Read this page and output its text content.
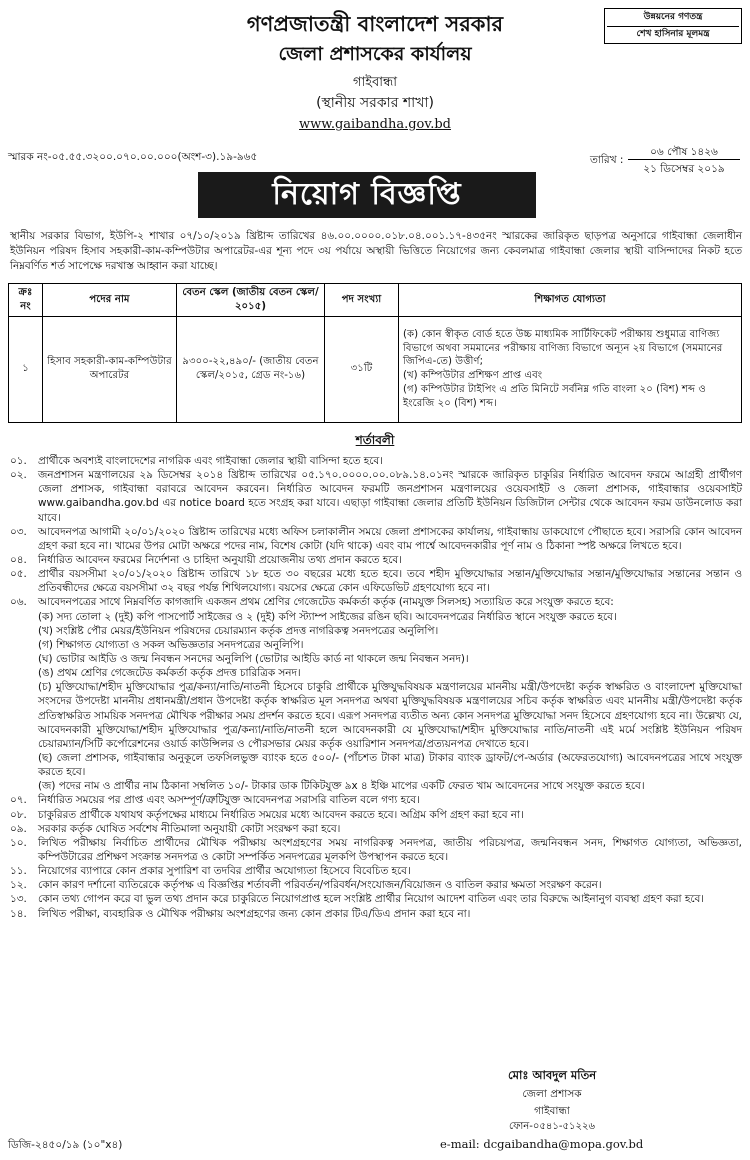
উন্নয়নের গণতন্ত্র
শেখ হাসিনার মূলমন্ত্র
গণপ্রজাতন্ত্রী বাংলাদেশ সরকার
জেলা প্রশাসকের কার্যালয়
গাইবান্ধা
(স্থানীয় সরকার শাখা)
www.gaibandha.gov.bd
স্মারক নং-০৫.৫৫.৩২০০.০৭০.০০.০০০(অংশ-৩).১৯-৯৬৫	০৬ পৌষ ১৪২৬
তারিখ :
২১ ডিসেম্বর ২০১৯
নিয়োগ বিজ্ঞপ্তি
স্থানীয় সরকার বিভাগ, ইউপি-২ শাখার ০৭/১০/২০১৯ খ্রিষ্টাব্দ তারিখের ৪৬.০০.০০০০.০১৮.০৪.০০১.১৭-৪৩৫নং স্মারকের জারিকৃত ছাড়পত্র অনুসারে গাইবান্ধা জেলাধীন ইউনিয়ন পরিষদ হিসাব সহকারী-কাম-কম্পিউটার অপারেটর-এর শূন্য পদে ৩য় পর্যায়ে অস্থায়ী ভিত্তিতে নিয়োগের জন্য কেবলমাত্র গাইবান্ধা জেলার স্থায়ী বাসিন্দাদের নিকট হতে নিম্নবর্ণিত শর্ত সাপেক্ষে দরখাস্ত আহ্বান করা যাচ্ছে।
ক্রঃ নং	পদের নাম	বেতন স্কেল (জাতীয় বেতন স্কেল/২০১৫)	পদ সংখ্যা	শিক্ষাগত যোগ্যতা
১	হিসাব সহকারী-কাম-কম্পিউটার অপারেটর	৯৩০০-২২,৪৯০/- (জাতীয় বেতন স্কেল/২০১৫, গ্রেড নং-১৬)	৩১টি	(ক) কোন স্বীকৃত বোর্ড হতে উচ্চ মাধ্যমিক সার্টিফিকেট পরীক্ষায় শুধুমাত্র বাণিজ্য বিভাগে অথবা সমমানের পরীক্ষায় বাণিজ্য বিভাগে অন্যূন ২য় বিভাগে (সমমানের জিপিএ-তে) উত্তীর্ণ;
(খ) কম্পিউটার প্রশিক্ষণ প্রাপ্ত এবং
(গ) কম্পিউটার টাইপিং এ প্রতি মিনিটে সর্বনিম্ন গতি বাংলা ২০ (বিশ) শব্দ ও ইংরেজি ২০ (বিশ) শব্দ।
শর্তাবলী
০১.	প্রার্থীকে অবশ্যই বাংলাদেশের নাগরিক এবং গাইবান্ধা জেলার স্থায়ী বাসিন্দা হতে হবে।
০২.	জনপ্রশাসন মন্ত্রণালয়ের ২৯ ডিসেম্বর ২০১৪ খ্রিষ্টাব্দ তারিখের ০৫.১৭০.০০০০.০০.০৮৯.১৪.০১নং স্মারকে জারিকৃত চাকুরির নির্ধারিত আবেদন ফরমে আগ্রহী প্রার্থীগণ জেলা প্রশাসক, গাইবান্ধা বরাবরে আবেদন করবেন। নির্ধারিত আবেদন ফরমটি জনপ্রশাসন মন্ত্রণালয়ের ওয়েবসাইট ও জেলা প্রশাসক, গাইবান্ধার ওয়েবসাইট www.gaibandha.gov.bd এর notice board হতে সংগ্রহ করা যাবে। এছাড়া গাইবান্ধা জেলার প্রতিটি ইউনিয়ন ডিজিটাল সেন্টার থেকে আবেদন ফরম ডাউনলোড করা যাবে।
০৩.	আবেদনপত্র আগামী ২০/০১/২০২০ খ্রিষ্টাব্দ তারিখের মধ্যে অফিস চলাকালীন সময়ে জেলা প্রশাসকের কার্যালয়, গাইবান্ধায় ডাকযোগে পৌছাতে হবে। সরাসরি কোন আবেদন গ্রহণ করা হবে না। খামের উপর মোটা অক্ষরে পদের নাম, বিশেষ কোটা (যদি থাকে) এবং বাম পার্শ্বে আবেদনকারীর পূর্ণ নাম ও ঠিকানা স্পষ্ট অক্ষরে লিখতে হবে।
০৪.	নির্ধারিত আবেদন ফরমের নির্দেশনা ও চাহিদা অনুযায়ী প্রয়োজনীয় তথ্য প্রদান করতে হবে।
০৫.	প্রার্থীর বয়সসীমা ২০/০১/২০২০ খ্রিষ্টাব্দ তারিখে ১৮ হতে ৩০ বছরের মধ্যে হতে হবে। তবে শহীদ মুক্তিযোদ্ধার সন্তান/মুক্তিযোদ্ধার সন্তান/মুক্তিযোদ্ধার সন্তানের সন্তান ও প্রতিবন্ধীদের ক্ষেত্রে বয়সসীমা ৩২ বছর পর্যন্ত শিথিলযোগ্য। বয়সের ক্ষেত্রে কোন এফিডেভিট গ্রহণযোগ্য হবে না।
০৬.	আবেদনপত্রের সাথে নিম্নবর্ণিত কাগজাদি একজন প্রথম শ্রেণির গেজেটেড কর্মকর্তা কর্তৃক (নামযুক্ত সিলসহ) সত্যায়িত করে সংযুক্ত করতে হবে:
(ক) সদ্য তোলা ২ (দুই) কপি পাসপোর্ট সাইজের ও ২ (দুই) কপি স্ট্যাম্প সাইজের রঙিন ছবি। আবেদনপত্রের নির্ধারিত স্থানে সংযুক্ত করতে হবে।
(খ) সংশ্লিষ্ট পৌর মেয়র/ইউনিয়ন পরিষদের চেয়ারম্যান কর্তৃক প্রদত্ত নাগরিকত্ব সনদপত্রের অনুলিপি।
(গ) শিক্ষাগত যোগ্যতা ও সকল অভিজ্ঞতার সনদপত্রের অনুলিপি।
(ঘ) ভোটার আইডি ও জন্ম নিবন্ধন সনদের অনুলিপি (ভোটার আইডি কার্ড না থাকলে জন্ম নিবন্ধন সনদ)।
(ঙ) প্রথম শ্রেণির গেজেটেড কর্মকর্তা কর্তৃক প্রদত্ত চারিত্রিক সনদ।
(চ) মুক্তিযোদ্ধা/শহীদ মুক্তিযোদ্ধার পুত্র/কন্যা/নাতি/নাতনী হিসেবে চাকুরি প্রার্থীকে মুক্তিযুদ্ধবিষয়ক মন্ত্রণালয়ের মাননীয় মন্ত্রী/উপদেষ্টা কর্তৃক স্বাক্ষরিত ও বাংলাদেশ মুক্তিযোদ্ধা সংসদের উপদেষ্টা মাননীয় প্রধানমন্ত্রী/প্রধান উপদেষ্টা কর্তৃক স্বাক্ষরিত মূল সনদপত্র অথবা মুক্তিযুদ্ধবিষয়ক মন্ত্রণালয়ের সচিব কর্তৃক স্বাক্ষরিত এবং মাননীয় মন্ত্রী/উপদেষ্টা কর্তৃক প্রতিস্বাক্ষরিত সাময়িক সনদপত্র মৌখিক পরীক্ষার সময় প্রদর্শন করতে হবে। এরূপ সনদপত্র ব্যতীত অন্য কোন সনদপত্র মুক্তিযোদ্ধা সনদ হিসেবে গ্রহণযোগ্য হবে না। উল্লেখ্য যে, আবেদনকারী মুক্তিযোদ্ধা/শহীদ মুক্তিযোদ্ধার পুত্র/কন্যা/নাতি/নাতনী হলে আবেদনকারী যে মুক্তিযোদ্ধা/শহীদ মুক্তিযোদ্ধার নাতি/নাতনী এই মর্মে সংশ্লিষ্ট ইউনিয়ন পরিষদ চেয়ারম্যান/সিটি কর্পোরেশনের ওয়ার্ড কাউন্সিলর ও পৌরসভার মেয়র কর্তৃক ওয়ারিশান সনদপত্র/প্রত্যয়নপত্র দেখাতে হবে।
(ছ) জেলা প্রশাসক, গাইবান্ধার অনুকূলে তফসিলভুক্ত ব্যাংক হতে ৫০০/- (পাঁচশত টাকা মাত্র) টাকার ব্যাংক ড্রাফট/পে-অর্ডার (অফেরতযোগ্য) আবেদনপত্রের সাথে সংযুক্ত করতে হবে।
(জ) পদের নাম ও প্রার্থীর নাম ঠিকানা সম্বলিত ১০/- টাকার ডাক টিকিটযুক্ত ৯x ৪ ইঞ্চি মাপের একটি ফেরত খাম আবেদনের সাথে সংযুক্ত করতে হবে।
০৭.	নির্ধারিত সময়ের পর প্রাপ্ত এবং অসম্পূর্ণ/ত্রুটিযুক্ত আবেদনপত্র সরাসরি বাতিল বলে গণ্য হবে।
০৮.	চাকুরিরত প্রার্থীকে যথাযথ কর্তৃপক্ষের মাধ্যমে নির্ধারিত সময়ের মধ্যে আবেদন করতে হবে। অগ্রিম কপি গ্রহণ করা হবে না।
০৯.	সরকার কর্তৃক ঘোষিত সর্বশেষ নীতিমালা অনুযায়ী কোটা সংরক্ষণ করা হবে।
১০.	লিখিত পরীক্ষায় নির্বাচিত প্রার্থীদের মৌখিক পরীক্ষায় অংশগ্রহণের সময় নাগরিকত্ব সনদপত্র, জাতীয় পরিচয়পত্র, জন্মনিবন্ধন সনদ, শিক্ষাগত যোগ্যতা, অভিজ্ঞতা, কম্পিউটারের প্রশিক্ষণ সংক্রান্ত সনদপত্র ও কোটা সম্পর্কিত সনদপত্রের মূলকপি উপস্থাপন করতে হবে।
১১.	নিয়োগের ব্যাপারে কোন প্রকার সুপারিশ বা তদবির প্রার্থীর অযোগ্যতা হিসেবে বিবেচিত হবে।
১২.	কোন কারণ দর্শানো ব্যতিরেকে কর্তৃপক্ষ এ বিজ্ঞপ্তির শর্তাবলী পরিবর্তন/পরিবর্ধন/সংযোজন/বিয়োজন ও বাতিল করার ক্ষমতা সংরক্ষণ করেন।
১৩.	কোন তথ্য গোপন করে বা ভুল তথ্য প্রদান করে চাকুরিতে নিয়োগপ্রাপ্ত হলে সংশ্লিষ্ট প্রার্থীর নিয়োগ আদেশ বাতিল এবং তার বিরুদ্ধে আইনানুগ ব্যবস্থা গ্রহণ করা হবে।
১৪.	লিখিত পরীক্ষা, ব্যবহারিক ও মৌখিক পরীক্ষায় অংশগ্রহণের জন্য কোন প্রকার টিএ/ডিএ প্রদান করা হবে না।
মোঃ আবদুল মতিন
জেলা প্রশাসক
গাইবান্ধা
ফোন-০৫৪১-৫১২২৬
ডিজি-২৪৫০/১৯ (১০"x৪)	e-mail: dcgaibandha@mopa.gov.bd
